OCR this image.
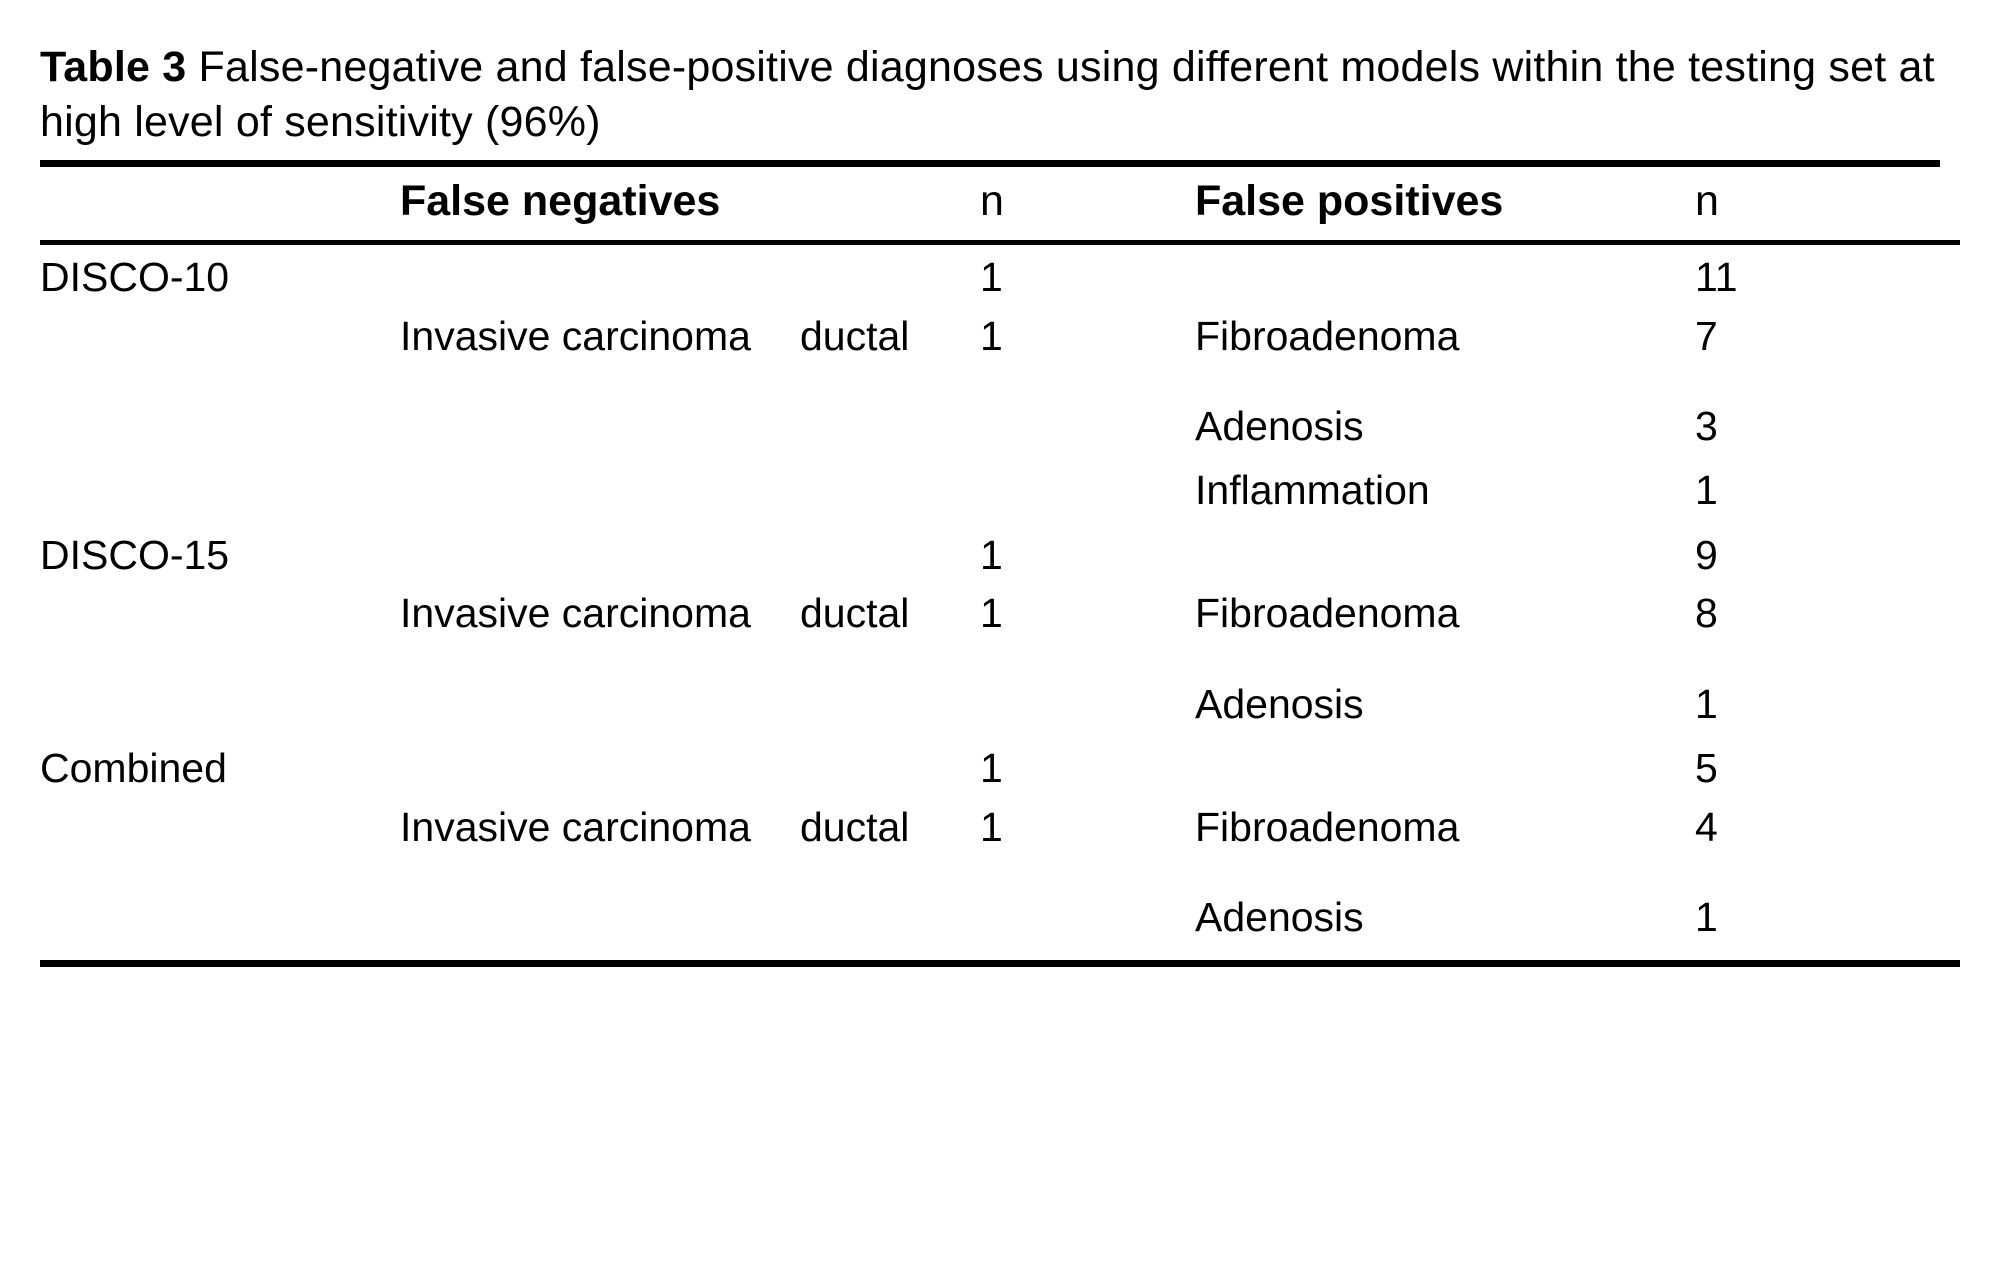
Table 3 False-negative and false-positive diagnoses using different models within the testing set at high level of sensitivity (96%)

	False negatives		n	False positives	n
DISCO-10			1		11
	Invasive carcinoma	ductal	1	Fibroadenoma	7

				Adenosis	3
				Inflammation	1
DISCO-15			1		9
	Invasive carcinoma	ductal	1	Fibroadenoma	8

				Adenosis	1
Combined			1		5
	Invasive carcinoma	ductal	1	Fibroadenoma	4

				Adenosis	1
